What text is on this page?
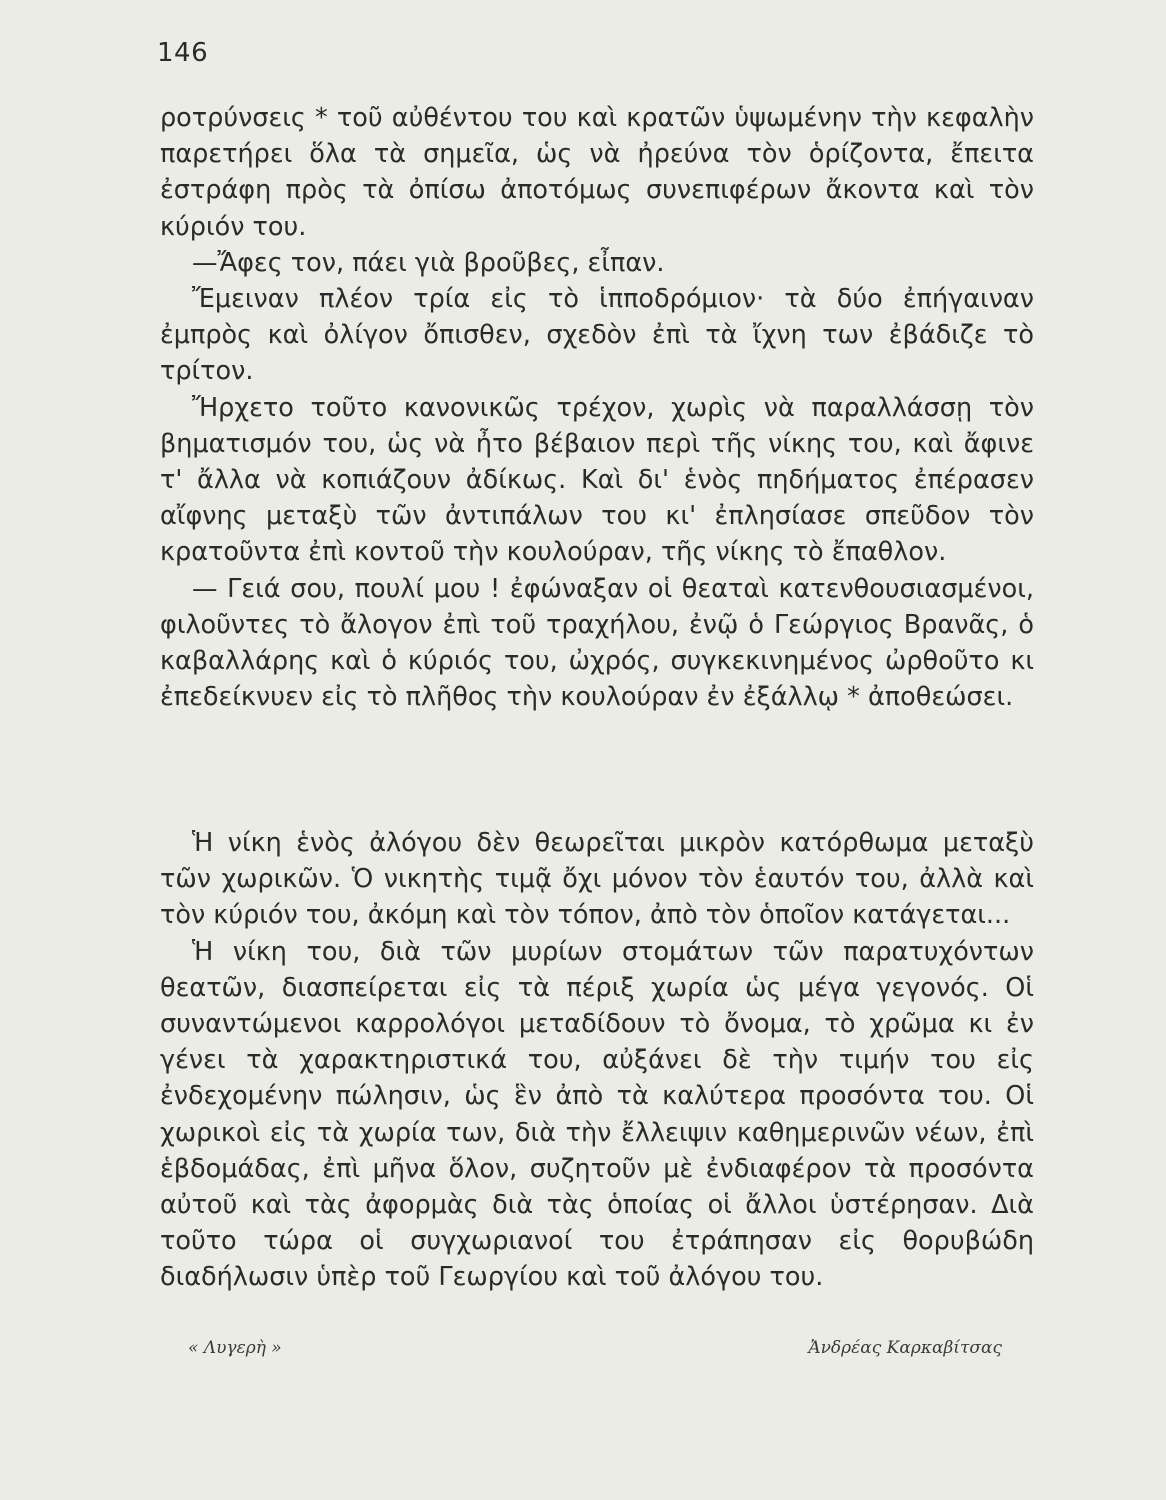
146

ροτρύνσεις * τοῦ αὐθέντου του καὶ κρατῶν ὑψωμένην τὴν κεφαλὴν παρετήρει ὅλα τὰ σημεῖα, ὡς νὰ ἠρεύνα τὸν ὁρίζοντα, ἔπειτα ἐστράφη πρὸς τὰ ὀπίσω ἀποτόμως συνεπιφέρων ἄκοντα καὶ τὸν κύριόν του.

—Ἄφες τον, πάει γιὰ βροῦβες, εἶπαν.

Ἔμειναν πλέον τρία εἰς τὸ ἱπποδρόμιον· τὰ δύο ἐπήγαιναν ἐμπρὸς καὶ ὀλίγον ὄπισθεν, σχεδὸν ἐπὶ τὰ ἴχνη των ἐβάδιζε τὸ τρίτον.

Ἤρχετο τοῦτο κανονικῶς τρέχον, χωρὶς νὰ παραλλάσσῃ τὸν βηματισμόν του, ὡς νὰ ἦτο βέβαιον περὶ τῆς νίκης του, καὶ ἄφινε τ' ἄλλα νὰ κοπιάζουν ἀδίκως. Καὶ δι' ἑνὸς πηδήματος ἐπέρασεν αἴφνης μεταξὺ τῶν ἀντιπάλων του κι' ἐπλησίασε σπεῦδον τὸν κρατοῦντα ἐπὶ κοντοῦ τὴν κουλούραν, τῆς νίκης τὸ ἔπαθλον.

— Γειά σου, πουλί μου ! ἐφώναξαν οἱ θεαταὶ κατενθουσιασμένοι, φιλοῦντες τὸ ἄλογον ἐπὶ τοῦ τραχήλου, ἐνῷ ὁ Γεώργιος Βρανᾶς, ὁ καβαλλάρης καὶ ὁ κύριός του, ὠχρός, συγκεκινημένος ὠρθοῦτο κι ἐπεδείκνυεν εἰς τὸ πλῆθος τὴν κουλούραν ἐν ἐξάλλῳ * ἀποθεώσει.

Ἡ νίκη ἑνὸς ἀλόγου δὲν θεωρεῖται μικρὸν κατόρθωμα μεταξὺ τῶν χωρικῶν. Ὁ νικητὴς τιμᾷ ὄχι μόνον τὸν ἑαυτόν του, ἀλλὰ καὶ τὸν κύριόν του, ἀκόμη καὶ τὸν τόπον, ἀπὸ τὸν ὁποῖον κατάγεται...

Ἡ νίκη του, διὰ τῶν μυρίων στομάτων τῶν παρατυχόντων θεατῶν, διασπείρεται εἰς τὰ πέριξ χωρία ὡς μέγα γεγονός. Οἱ συναντώμενοι καρρολόγοι μεταδίδουν τὸ ὄνομα, τὸ χρῶμα κι ἐν γένει τὰ χαρακτηριστικά του, αὐξάνει δὲ τὴν τιμήν του εἰς ἐνδεχομένην πώλησιν, ὡς ἓν ἀπὸ τὰ καλύτερα προσόντα του. Οἱ χωρικοὶ εἰς τὰ χωρία των, διὰ τὴν ἔλλειψιν καθημερινῶν νέων, ἐπὶ ἑβδομάδας, ἐπὶ μῆνα ὅλον, συζητοῦν μὲ ἐνδιαφέρον τὰ προσόντα αὐτοῦ καὶ τὰς ἀφορμὰς διὰ τὰς ὁποίας οἱ ἄλλοι ὑστέρησαν. Διὰ τοῦτο τώρα οἱ συγχωριανοί του ἐτράπησαν εἰς θορυβώδη διαδήλωσιν ὑπὲρ τοῦ Γεωργίου καὶ τοῦ ἀλόγου του.

« Λυγερὴ »	Ἀνδρέας Καρκαβίτσας
